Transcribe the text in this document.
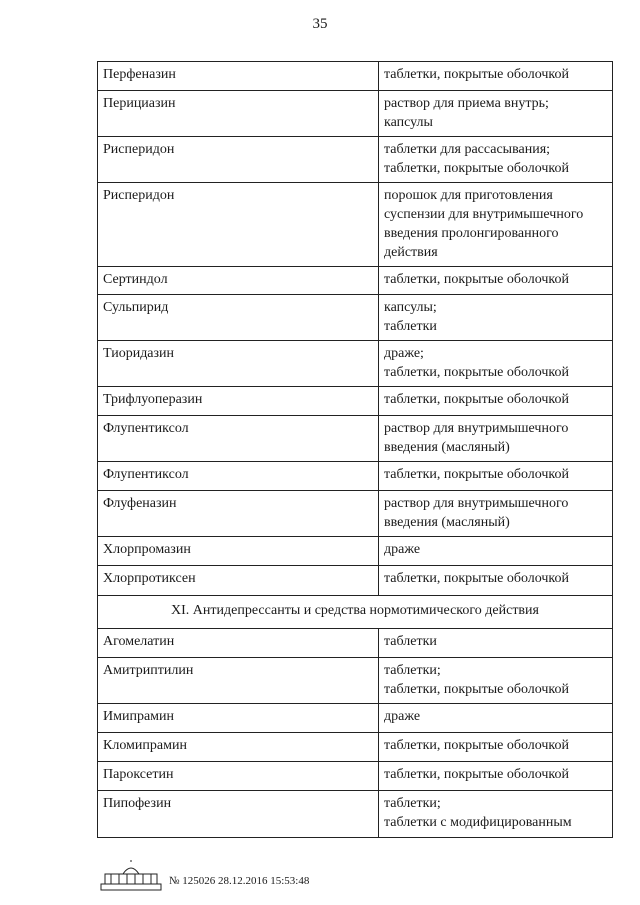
35
Перфеназин	таблетки, покрытые оболочкой

Перициазин	раствор для приема внутрь;
капсулы

Рисперидон	таблетки для рассасывания;
таблетки, покрытые оболочкой

Рисперидон	порошок для приготовления
суспензии для внутримышечного
введения пролонгированного
действия

Сертиндол	таблетки, покрытые оболочкой

Сульпирид	капсулы;
таблетки

Тиоридазин	драже;
таблетки, покрытые оболочкой

Трифлуоперазин	таблетки, покрытые оболочкой

Флупентиксол	раствор для внутримышечного
введения (масляный)

Флупентиксол	таблетки, покрытые оболочкой

Флуфеназин	раствор для внутримышечного
введения (масляный)

Хлорпромазин	драже

Хлорпротиксен	таблетки, покрытые оболочкой

XI. Антидепрессанты и средства нормотимического действия	
Агомелатин	таблетки

Амитриптилин	таблетки;
таблетки, покрытые оболочкой

Имипрамин	драже

Кломипрамин	таблетки, покрытые оболочкой

Пароксетин	таблетки, покрытые оболочкой

Пипофезин	таблетки;
таблетки с модифицированным
№ 125026 28.12.2016 15:53:48
